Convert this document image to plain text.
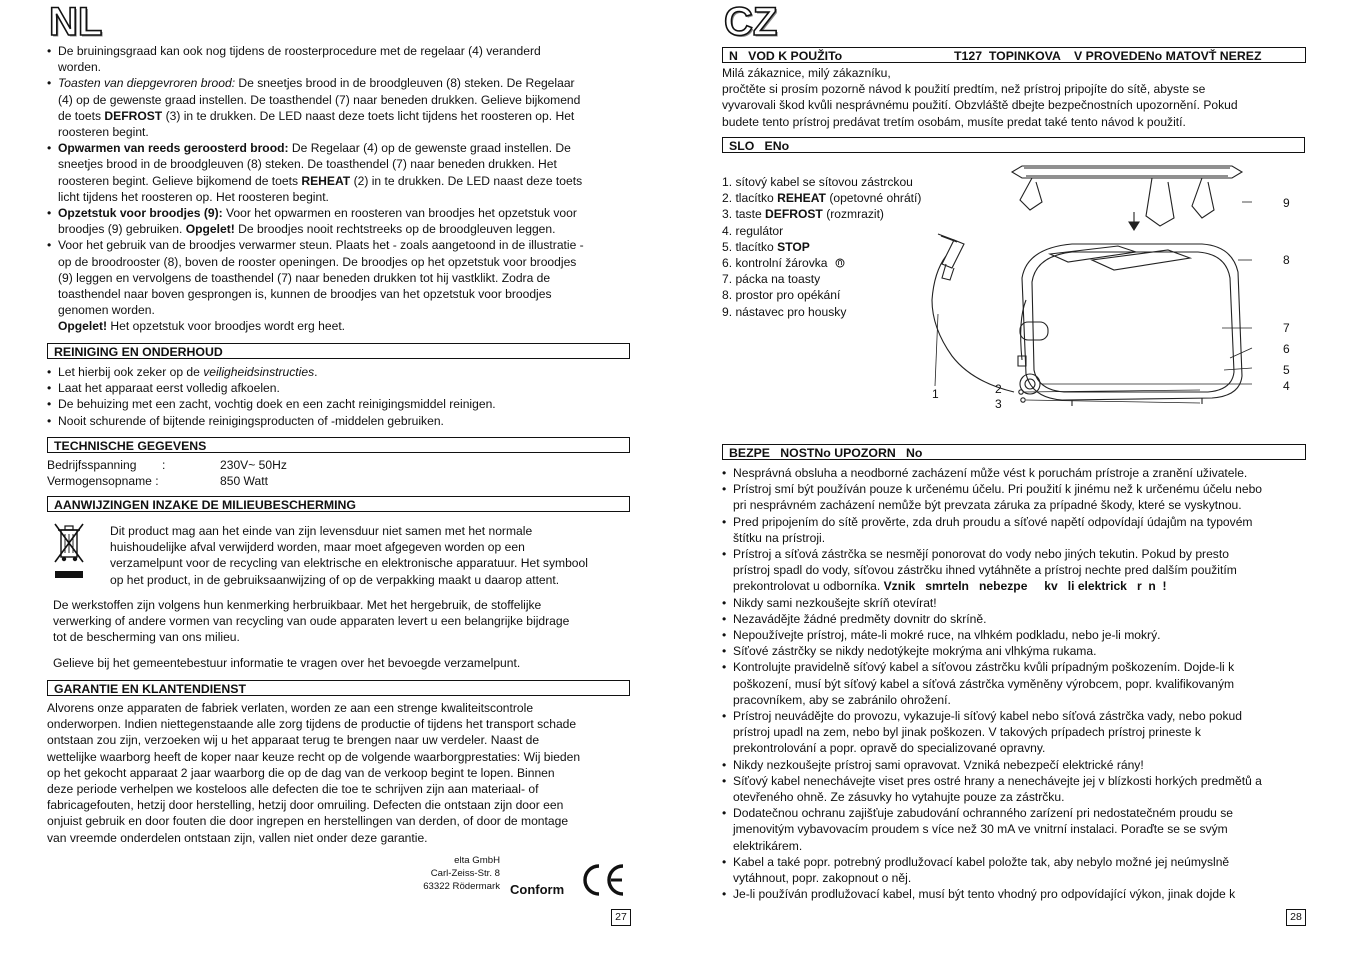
NL
• De bruiningsgraad kan ook nog tijdens de roosterprocedure met de regelaar (4) veranderd
worden.
• Toasten van diepgevroren brood: De sneetjes brood in de broodgleuven (8) steken. De Regelaar
(4) op de gewenste graad instellen. De toasthendel (7) naar beneden drukken. Gelieve bijkomend
de toets DEFROST (3) in te drukken. De LED naast deze toets licht tijdens het roosteren op. Het
roosteren begint.
• Opwarmen van reeds geroosterd brood: De Regelaar (4) op de gewenste graad instellen. De
sneetjes brood in de broodgleuven (8) steken. De toasthendel (7) naar beneden drukken. Het
roosteren begint. Gelieve bijkomend de toets REHEAT (2) in te drukken. De LED naast deze toets
licht tijdens het roosteren op. Het roosteren begint.
• Opzetstuk voor broodjes (9): Voor het opwarmen en roosteren van broodjes het opzetstuk voor
broodjes (9) gebruiken. Opgelet! De broodjes nooit rechtstreeks op de broodgleuven leggen.
• Voor het gebruik van de broodjes verwarmer steun. Plaats het - zoals aangetoond in de illustratie -
op de broodrooster (8), boven de rooster openingen. De broodjes op het opzetstuk voor broodjes
(9) leggen en vervolgens de toasthendel (7) naar beneden drukken tot hij vastklikt. Zodra de
toasthendel naar boven gesprongen is, kunnen de broodjes van het opzetstuk voor broodjes
genomen worden.
Opgelet! Het opzetstuk voor broodjes wordt erg heet.
REINIGING EN ONDERHOUD
• Let hierbij ook zeker op de veiligheidsinstructies.
• Laat het apparaat eerst volledig afkoelen.
• De behuizing met een zacht, vochtig doek en een zacht reinigingsmiddel reinigen.
• Nooit schurende of bijtende reinigingsproducten of -middelen gebruiken.
TECHNISCHE GEGEVENS
Bedrijfsspanning :	230V~ 50Hz
Vermogensopname :	850 Watt
AANWIJZINGEN INZAKE DE MILIEUBESCHERMING
Dit product mag aan het einde van zijn levensduur niet samen met het normale
huishoudelijke afval verwijderd worden, maar moet afgegeven worden op een
verzamelpunt voor de recycling van elektrische en elektronische apparatuur. Het symbool
op het product, in de gebruiksaanwijzing of op de verpakking maakt u daarop attent.
De werkstoffen zijn volgens hun kenmerking herbruikbaar. Met het hergebruik, de stoffelijke
verwerking of andere vormen van recycling van oude apparaten levert u een belangrijke bijdrage
tot de bescherming van ons milieu.
Gelieve bij het gemeentebestuur informatie te vragen over het bevoegde verzamelpunt.
GARANTIE EN KLANTENDIENST
Alvorens onze apparaten de fabriek verlaten, worden ze aan een strenge kwaliteitscontrole
onderworpen. Indien niettegenstaande alle zorg tijdens de productie of tijdens het transport schade
ontstaan zou zijn, verzoeken wij u het apparaat terug te brengen naar uw verdeler. Naast de
wettelijke waarborg heeft de koper naar keuze recht op de volgende waarborgprestaties: Wij bieden
op het gekocht apparaat 2 jaar waarborg die op de dag van de verkoop begint te lopen. Binnen
deze periode verhelpen we kosteloos alle defecten die toe te schrijven zijn aan materiaal- of
fabricagefouten, hetzij door herstelling, hetzij door omruiling. Defecten die ontstaan zijn door een
onjuist gebruik en door fouten die door ingrepen en herstellingen van derden, of door de montage
van vreemde onderdelen ontstaan zijn, vallen niet onder deze garantie.
elta GmbH
Carl-Zeiss-Str. 8
63322 Rödermark Conform
27
CZ
N   VOD K POUŽITo	T127  TOPINKOVA    V PROVEDENo MATOVŤ NEREZ
Milá zákaznice, milý zákazníku,
pročtěte si prosím pozorně návod k použití predtím, než prístroj pripojíte do sítě, abyste se
vyvarovali škod kvůli nesprávnému použití. Obzvláště dbejte bezpečnostních upozornění. Pokud
budete tento prístroj predávat tretím osobám, musíte predat také tento návod k použití.
SLO   ENo
1. sítový kabel se sítovou zástrckou
2. tlacítko REHEAT (opetovné ohrátí)
3. taste DEFROST (rozmrazit)
4. regulátor
5. tlacítko STOP
6. kontrolní žárovka
7. pácka na toasty
8. prostor pro opékání
9. nástavec pro housky
9
8
7
6
5
4
1	2
3
BEZPE   NOSTNo UPOZORN   No
• Nesprávná obsluha a neodborné zacházení může vést k poruchám prístroje a zranění uživatele.
• Prístroj smí být používán pouze k určenému účelu. Pri použití k jinému než k určenému účelu nebo
pri nesprávném zacházení nemůže být prevzata záruka za prípadné škody, které se vyskytnou.
• Pred pripojením do sítě prověrte, zda druh proudu a síťové napětí odpovídají údajům na typovém
štítku na prístroji.
• Prístroj a síťová zástrčka se nesmějí ponorovat do vody nebo jiných tekutin. Pokud by presto
prístroj spadl do vody, síťovou zástrčku ihned vytáhněte a prístroj nechte pred dalším použitím
prekontrolovat u odborníka. Vznik   smrteln   nebezpe     kv   li elektrick   r  n  !
• Nikdy sami nezkoušejte skríň otevírat!
• Nezavádějte žádné predměty dovnitr do skríně.
• Nepoužívejte prístroj, máte-li mokré ruce, na vlhkém podkladu, nebo je-li mokrý.
• Síťové zástrčky se nikdy nedotýkejte mokrýma ani vlhkýma rukama.
• Kontrolujte pravidelně síťový kabel a síťovou zástrčku kvůli prípadným poškozením. Dojde-li k
poškození, musí být síťový kabel a síťová zástrčka vyměněny výrobcem, popr. kvalifikovaným
pracovníkem, aby se zabránilo ohrožení.
• Prístroj neuvádějte do provozu, vykazuje-li síťový kabel nebo síťová zástrčka vady, nebo pokud
prístroj upadl na zem, nebo byl jinak poškozen. V takových prípadech prístroj prineste k
prekontrolování a popr. opravě do specializované opravny.
• Nikdy nezkoušejte prístroj sami opravovat. Vzniká nebezpečí elektrické rány!
• Síťový kabel nenechávejte viset pres ostré hrany a nenechávejte jej v blízkosti horkých predmětů a
otevřeného ohně. Ze zásuvky ho vytahujte pouze za zástrčku.
• Dodatečnou ochranu zajišťuje zabudování ochranného zarízení pri nedostatečném proudu se
jmenovitým vybavovacím proudem s více než 30 mA ve vnitrní instalaci. Poraďte se se svým
elektrikárem.
• Kabel a také popr. potrebný prodlužovací kabel položte tak, aby nebylo možné jej neúmyslně
vytáhnout, popr. zakopnout o něj.
• Je-li používán prodlužovací kabel, musí být tento vhodný pro odpovídající výkon, jinak dojde k
28
